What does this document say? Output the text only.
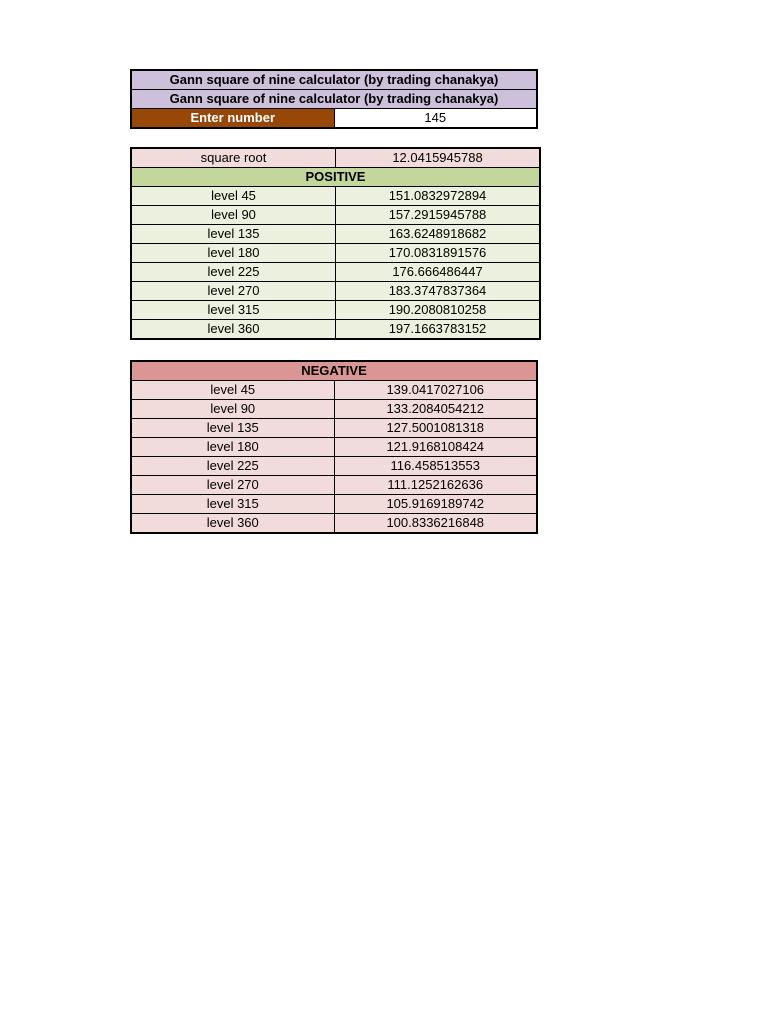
Gann square of nine calculator (by trading chanakya)
Gann square of nine calculator (by trading chanakya)
Enter number	145
square root	12.0415945788
POSITIVE	
level 45	151.0832972894
level 90	157.2915945788
level 135	163.6248918682
level 180	170.0831891576
level 225	176.666486447
level 270	183.3747837364
level 315	190.2080810258
level 360	197.1663783152
NEGATIVE	
level 45	139.0417027106
level 90	133.2084054212
level 135	127.5001081318
level 180	121.9168108424
level 225	116.458513553
level 270	111.1252162636
level 315	105.9169189742
level 360	100.8336216848
